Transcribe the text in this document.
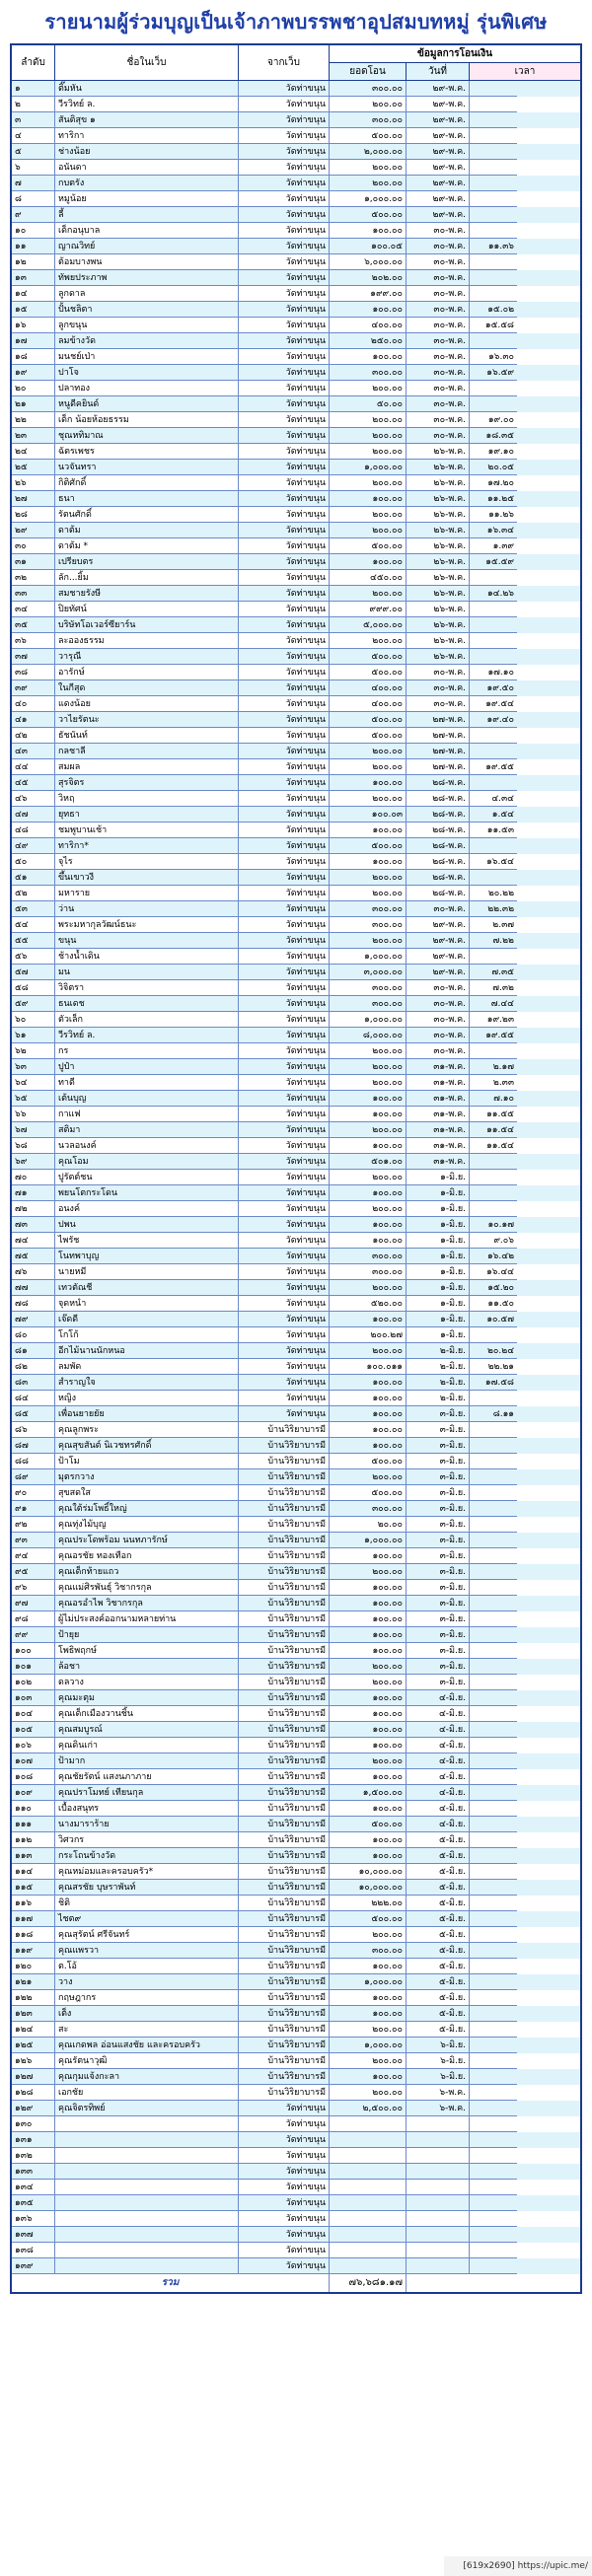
รายนามผู้ร่วมบุญเป็นเจ้าภาพบรรพชาอุปสมบทหมู่ รุ่นพิเศษ
ลำดับ	ชื่อในเว็บ	จากเว็บ
ข้อมูลการโอนเงิน
ยอดโอน	วันที่	เวลา
๑	ติ๊มหัน	วัดท่าขนุน	๓๐๐.๐๐	๒๙-พ.ค.
๒	วีรวิทย์ ล.	วัดท่าขนุน	๒๐๐.๐๐	๒๙-พ.ค.
๓	สันติสุข ๑	วัดท่าขนุน	๓๐๐.๐๐	๒๙-พ.ค.
๔	ทาริกา	วัดท่าขนุน	๕๐๐.๐๐	๒๙-พ.ค.
๕	ช่างน้อย	วัดท่าขนุน	๒,๐๐๐.๐๐	๒๙-พ.ค.
๖	อนันดา	วัดท่าขนุน	๒๐๐.๐๐	๒๙-พ.ค.
๗	กบตรัง	วัดท่าขนุน	๒๐๐.๐๐	๒๙-พ.ค.
๘	หมูน้อย	วัดท่าขนุน	๑,๐๐๐.๐๐	๒๙-พ.ค.
๙	ลี้	วัดท่าขนุน	๕๐๐.๐๐	๒๙-พ.ค.
๑๐	เด็กอนุบาล	วัดท่าขนุน	๑๐๐.๐๐	๓๐-พ.ค.
๑๑	ญาณวิทย์	วัดท่าขนุน	๑๐๐.๐๕	๓๐-พ.ค.	๑๑.๓๖
๑๒	ต้อมบางพน	วัดท่าขนุน	๖,๐๐๐.๐๐	๓๐-พ.ค.
๑๓	ทัพยประภาพ	วัดท่าขนุน	๒๐๒.๐๐	๓๐-พ.ค.
๑๔	ลูกดาล	วัดท่าขนุน	๑๙๙.๐๐	๓๐-พ.ค.
๑๕	ปั้นชลิตา	วัดท่าขนุน	๑๐๐.๐๐	๓๐-พ.ค.	๑๕.๐๒
๑๖	ลูกขนุน	วัดท่าขนุน	๔๐๐.๐๐	๓๐-พ.ค.	๑๕.๕๘
๑๗	ลมข้างวัด	วัดท่าขนุน	๒๕๐.๐๐	๓๐-พ.ค.
๑๘	มนชย์เป่า	วัดท่าขนุน	๑๐๐.๐๐	๓๐-พ.ค.	๑๖.๓๐
๑๙	ปาโจ	วัดท่าขนุน	๓๐๐.๐๐	๓๐-พ.ค.	๑๖.๕๙
๒๐	ปลาทอง	วัดท่าขนุน	๒๐๐.๐๐	๓๐-พ.ค.
๒๑	หนูดีคยินด์	วัดท่าขนุน	๕๐.๐๐	๓๐-พ.ค.
๒๒	เด็ก น้อยห้อยธรรม	วัดท่าขนุน	๒๐๐.๐๐	๓๐-พ.ค.	๑๙.๐๐
๒๓	ชุณหทิมาณ	วัดท่าขนุน	๒๐๐.๐๐	๓๐-พ.ค.	๑๘.๓๕
๒๔	ฉัตรเพชร	วัดท่าขนุน	๒๐๐.๐๐	๒๖-พ.ค.	๑๙.๑๐
๒๕	นวจันทรา	วัดท่าขนุน	๑,๐๐๐.๐๐	๒๖-พ.ค.	๒๐.๐๕
๒๖	กิติศักดิ์	วัดท่าขนุน	๒๐๐.๐๐	๒๖-พ.ค.	๑๗.๒๐
๒๗	ธนา	วัดท่าขนุน	๑๐๐.๐๐	๒๖-พ.ค.	๑๑.๒๕
๒๘	รัตนศักดิ์	วัดท่าขนุน	๒๐๐.๐๐	๒๖-พ.ค.	๑๑.๒๖
๒๙	ดาต้ม	วัดท่าขนุน	๒๐๐.๐๐	๒๖-พ.ค.	๑๖.๓๔
๓๐	ดาต้ม *	วัดท่าขนุน	๕๐๐.๐๐	๒๖-พ.ค.	๑.๓๙
๓๑	เปรียบตร	วัดท่าขนุน	๑๐๐.๐๐	๒๖-พ.ค.	๑๕.๕๙
๓๒	ลัก...ยิ้ม	วัดท่าขนุน	๔๕๐.๐๐	๒๖-พ.ค.
๓๓	สมชายรังษี	วัดท่าขนุน	๒๐๐.๐๐	๒๖-พ.ค.	๑๔.๒๖
๓๔	ปิยทัศน์	วัดท่าขนุน	๙๙๙.๐๐	๒๖-พ.ค.
๓๕	บริษัทโอเวอร์ซียาร์น	วัดท่าขนุน	๕,๐๐๐.๐๐	๒๖-พ.ค.
๓๖	ละอองธรรม	วัดท่าขนุน	๒๐๐.๐๐	๒๖-พ.ค.
๓๗	วารุณี	วัดท่าขนุน	๕๐๐.๐๐	๒๖-พ.ค.
๓๘	อารักษ์	วัดท่าขนุน	๕๐๐.๐๐	๓๐-พ.ค.	๑๗.๑๐
๓๙	ในกีสุด	วัดท่าขนุน	๔๐๐.๐๐	๓๐-พ.ค.	๑๙.๕๐
๔๐	แดงน้อย	วัดท่าขนุน	๔๐๐.๐๐	๓๐-พ.ค.	๑๙.๕๔
๔๑	วาไยรัตนะ	วัดท่าขนุน	๕๐๐.๐๐	๒๗-พ.ค.	๑๙.๔๐
๔๒	ธัชนันท์	วัดท่าขนุน	๕๐๐.๐๐	๒๗-พ.ค.
๔๓	กลชาลี	วัดท่าขนุน	๒๐๐.๐๐	๒๗-พ.ค.
๔๔	สมผล	วัดท่าขนุน	๒๐๐.๐๐	๒๗-พ.ค.	๑๙.๕๕
๔๕	สุรจิตร	วัดท่าขนุน	๑๐๐.๐๐	๒๘-พ.ค.
๔๖	วิหฤ	วัดท่าขนุน	๒๐๐.๐๐	๒๘-พ.ค.	๔.๓๔
๔๗	ยุทธา	วัดท่าขนุน	๑๐๐.๐๓	๒๘-พ.ค.	๑.๕๔
๔๘	ชมพูบานเช้า	วัดท่าขนุน	๑๐๐.๐๐	๒๘-พ.ค.	๑๑.๕๓
๔๙	ทาริกา*	วัดท่าขนุน	๕๐๐.๐๐	๒๘-พ.ค.
๕๐	จุไร	วัดท่าขนุน	๑๐๐.๐๐	๒๘-พ.ค.	๑๖.๕๔
๕๑	ขึ้นเขาวงี	วัดท่าขนุน	๒๐๐.๐๐	๒๘-พ.ค.
๕๒	มหาราย	วัดท่าขนุน	๒๐๐.๐๐	๒๘-พ.ค.	๒๐.๒๒
๕๓	ว่าน	วัดท่าขนุน	๓๐๐.๐๐	๓๐-พ.ค.	๒๒.๓๒
๕๔	พระมหากุลวัฒน์ธนะ	วัดท่าขนุน	๓๐๐.๐๐	๒๙-พ.ค.	๒.๓๗
๕๕	ขนุน	วัดท่าขนุน	๒๐๐.๐๐	๒๙-พ.ค.	๗.๒๒
๕๖	ช้างน้ำเดิน	วัดท่าขนุน	๑,๐๐๐.๐๐	๒๙-พ.ค.
๕๗	มน	วัดท่าขนุน	๓,๐๐๐.๐๐	๒๙-พ.ค.	๗.๓๕
๕๘	วิจิตรา	วัดท่าขนุน	๓๐๐.๐๐	๓๐-พ.ค.	๗.๓๒
๕๙	ธนเดช	วัดท่าขนุน	๓๐๐.๐๐	๓๐-พ.ค.	๗.๔๔
๖๐	ตัวเล็ก	วัดท่าขนุน	๑,๐๐๐.๐๐	๓๐-พ.ค.	๑๙.๒๓
๖๑	วีรวิทย์ ล.	วัดท่าขนุน	๘,๐๐๐.๐๐	๓๐-พ.ค.	๑๙.๕๕
๖๒	กร	วัดท่าขนุน	๒๐๐.๐๐	๓๐-พ.ค.
๖๓	ปูป๋า	วัดท่าขนุน	๒๐๐.๐๐	๓๑-พ.ค.	๒.๑๗
๖๔	ทาดี	วัดท่าขนุน	๒๐๐.๐๐	๓๑-พ.ค.	๒.๓๓
๖๕	เต้นบุญ	วัดท่าขนุน	๑๐๐.๐๐	๓๑-พ.ค.	๗.๑๐
๖๖	กาแฟ	วัดท่าขนุน	๑๐๐.๐๐	๓๑-พ.ค.	๑๑.๕๕
๖๗	สติมา	วัดท่าขนุน	๒๐๐.๐๐	๓๑-พ.ค.	๑๑.๕๔
๖๘	นวลอนงค์	วัดท่าขนุน	๑๐๐.๐๐	๓๑-พ.ค.	๑๑.๕๔
๖๙	คุณโอม	วัดท่าขนุน	๕๐๑.๐๐	๓๑-พ.ค.
๗๐	ปูรัตต์ชน	วัดท่าขนุน	๒๐๐.๐๐	๑-มิ.ย.
๗๑	พยนโตกระโดน	วัดท่าขนุน	๑๐๐.๐๐	๑-มิ.ย.
๗๒	อนงค์	วัดท่าขนุน	๒๐๐.๐๐	๑-มิ.ย.
๗๓	ปพน	วัดท่าขนุน	๑๐๐.๐๐	๑-มิ.ย.	๑๐.๑๗
๗๔	ไพรัช	วัดท่าขนุน	๑๐๐.๐๐	๑-มิ.ย.	๙.๐๖
๗๕	โนทพาบุญ	วัดท่าขนุน	๓๐๐.๐๐	๑-มิ.ย.	๑๖.๔๒
๗๖	นายหมี	วัดท่าขนุน	๓๐๐.๐๐	๑-มิ.ย.	๑๖.๔๔
๗๗	เทวตัณชี	วัดท่าขนุน	๒๐๐.๐๐	๑-มิ.ย.	๑๕.๒๐
๗๘	จุดหนำ	วัดท่าขนุน	๕๒๐.๐๐	๑-มิ.ย.	๑๑.๕๐
๗๙	เจ๊ดดี	วัดท่าขนุน	๑๐๐.๐๐	๑-มิ.ย.	๑๐.๕๗
๘๐	โกโก้	วัดท่าขนุน	๒๐๐.๒๗	๑-มิ.ย.
๘๑	อีกไม้นานนักหนอ	วัดท่าขนุน	๒๐๐.๐๐	๒-มิ.ย.	๒๐.๒๔
๘๒	ลมพัด	วัดท่าขนุน	๑๐๐.๐๑๑	๒-มิ.ย.	๒๒.๒๑
๘๓	สำราญใจ	วัดท่าขนุน	๑๐๐.๐๐	๒-มิ.ย.	๑๗.๕๘
๘๔	หญิง	วัดท่าขนุน	๑๐๐.๐๐	๒-มิ.ย.
๘๕	เพื่อนยายยัย	วัดท่าขนุน	๑๐๐.๐๐	๓-มิ.ย.	๘.๑๑
๘๖	คุณลูกพระ	บ้านวิริยาบารมี	๑๐๐.๐๐	๓-มิ.ย.
๘๗	คุณสุขสันต์ นิเวชทรศักดิ์	บ้านวิริยาบารมี	๑๐๐.๐๐	๓-มิ.ย.
๘๘	ป้าโม	บ้านวิริยาบารมี	๕๐๐.๐๐	๓-มิ.ย.
๘๙	มุตรกวาง	บ้านวิริยาบารมี	๒๐๐.๐๐	๓-มิ.ย.
๙๐	สุขสดใส	บ้านวิริยาบารมี	๕๐๐.๐๐	๓-มิ.ย.
๙๑	คุณใต้ร่มโพธิ์ใหญ่	บ้านวิริยาบารมี	๓๐๐.๐๐	๓-มิ.ย.
๙๒	คุณทุ่งไม้บุญ	บ้านวิริยาบารมี	๒๐.๐๐	๓-มิ.ย.
๙๓	คุณประโดพร้อม นนทภารักษ์	บ้านวิริยาบารมี	๑,๐๐๐.๐๐	๓-มิ.ย.
๙๔	คุณอรชัย ทองเทือก	บ้านวิริยาบารมี	๑๐๐.๐๐	๓-มิ.ย.
๙๕	คุณเด็กท้ายแถว	บ้านวิริยาบารมี	๒๐๐.๐๐	๓-มิ.ย.
๙๖	คุณแม่ศิรพันธุ์ วิชากรกุล	บ้านวิริยาบารมี	๑๐๐.๐๐	๓-มิ.ย.
๙๗	คุณอรอำไพ วิชากรกุล	บ้านวิริยาบารมี	๑๐๐.๐๐	๓-มิ.ย.
๙๘	ผู้ไม่ประสงค์ออกนามหลายท่าน	บ้านวิริยาบารมี	๑๐๐.๐๐	๓-มิ.ย.
๙๙	ป้ายุย	บ้านวิริยาบารมี	๑๐๐.๐๐	๓-มิ.ย.
๑๐๐	โพธิพฤกษ์	บ้านวิริยาบารมี	๑๐๐.๐๐	๓-มิ.ย.
๑๐๑	ล้อชา	บ้านวิริยาบารมี	๒๐๐.๐๐	๓-มิ.ย.
๑๐๒	ดลวาง	บ้านวิริยาบารมี	๒๐๐.๐๐	๓-มิ.ย.
๑๐๓	คุณมะตุม	บ้านวิริยาบารมี	๑๐๐.๐๐	๔-มิ.ย.
๑๐๔	คุณเด็กเมืองวานชิ้น	บ้านวิริยาบารมี	๑๐๐.๐๐	๔-มิ.ย.
๑๐๕	คุณสมบูรณ์	บ้านวิริยาบารมี	๑๐๐.๐๐	๔-มิ.ย.
๑๐๖	คุณดินเก่า	บ้านวิริยาบารมี	๑๐๐.๐๐	๔-มิ.ย.
๑๐๗	ป้ามาก	บ้านวิริยาบารมี	๒๐๐.๐๐	๔-มิ.ย.
๑๐๘	คุณชัยรัตน์ แสงนภาภาย	บ้านวิริยาบารมี	๑๐๐.๐๐	๔-มิ.ย.
๑๐๙	คุณปราโมทย์ เทียนกุล	บ้านวิริยาบารมี	๑,๕๐๐.๐๐	๔-มิ.ย.
๑๑๐	เบื้องสนุทร	บ้านวิริยาบารมี	๑๐๐.๐๐	๔-มิ.ย.
๑๑๑	นางมาราร้าย	บ้านวิริยาบารมี	๕๐๐.๐๐	๔-มิ.ย.
๑๑๒	วิศวกร	บ้านวิริยาบารมี	๑๐๐.๐๐	๕-มิ.ย.
๑๑๓	กระโถนข้างวัด	บ้านวิริยาบารมี	๑๐๐.๐๐	๕-มิ.ย.
๑๑๔	คุณหม่อมและครอบครัว*	บ้านวิริยาบารมี	๑๐,๐๐๐.๐๐	๕-มิ.ย.
๑๑๕	คุณสรชัย บุษราพันท์	บ้านวิริยาบารมี	๑๐,๐๐๐.๐๐	๕-มิ.ย.
๑๑๖	ชิติ	บ้านวิริยาบารมี	๒๒๒.๐๐	๕-มิ.ย.
๑๑๗	ไชต๙	บ้านวิริยาบารมี	๕๐๐.๐๐	๕-มิ.ย.
๑๑๘	คุณสุรัตน์ ศรีจันทร์	บ้านวิริยาบารมี	๒๐๐.๐๐	๕-มิ.ย.
๑๑๙	คุณแพรวา	บ้านวิริยาบารมี	๓๐๐.๐๐	๕-มิ.ย.
๑๒๐	ต.โอ้	บ้านวิริยาบารมี	๑๐๐.๐๐	๕-มิ.ย.
๑๒๑	วาง	บ้านวิริยาบารมี	๑,๐๐๐.๐๐	๕-มิ.ย.
๑๒๒	กฤษฎากร	บ้านวิริยาบารมี	๑๐๐.๐๐	๕-มิ.ย.
๑๒๓	เต็ง	บ้านวิริยาบารมี	๑๐๐.๐๐	๕-มิ.ย.
๑๒๔	สะ	บ้านวิริยาบารมี	๒๐๐.๐๐	๕-มิ.ย.
๑๒๕	คุณเกดพล อ่อนแสงชัย และครอบครัว	บ้านวิริยาบารมี	๑,๐๐๐.๐๐	๖-มิ.ย.
๑๒๖	คุณรัตนาวุฒิ	บ้านวิริยาบารมี	๒๐๐.๐๐	๖-มิ.ย.
๑๒๗	คุณกุมแจ้งกะลา	บ้านวิริยาบารมี	๑๐๐.๐๐	๖-มิ.ย.
๑๒๘	เอกชัย	บ้านวิริยาบารมี	๒๐๐.๐๐	๖-พ.ค.
๑๒๙	คุณจิตรทิพย์	วัดท่าขนุน	๒,๕๐๐.๐๐	๖-พ.ค.
๑๓๐	วัดท่าขนุน
๑๓๑	วัดท่าขนุน
๑๓๒	วัดท่าขนุน
๑๓๓	วัดท่าขนุน
๑๓๔	วัดท่าขนุน
๑๓๕	วัดท่าขนุน
๑๓๖	วัดท่าขนุน
๑๓๗	วัดท่าขนุน
๑๓๘	วัดท่าขนุน
๑๓๙	วัดท่าขนุน
รวม	๗๖,๖๘๑.๑๗
[619x2690] https://upic.me/
